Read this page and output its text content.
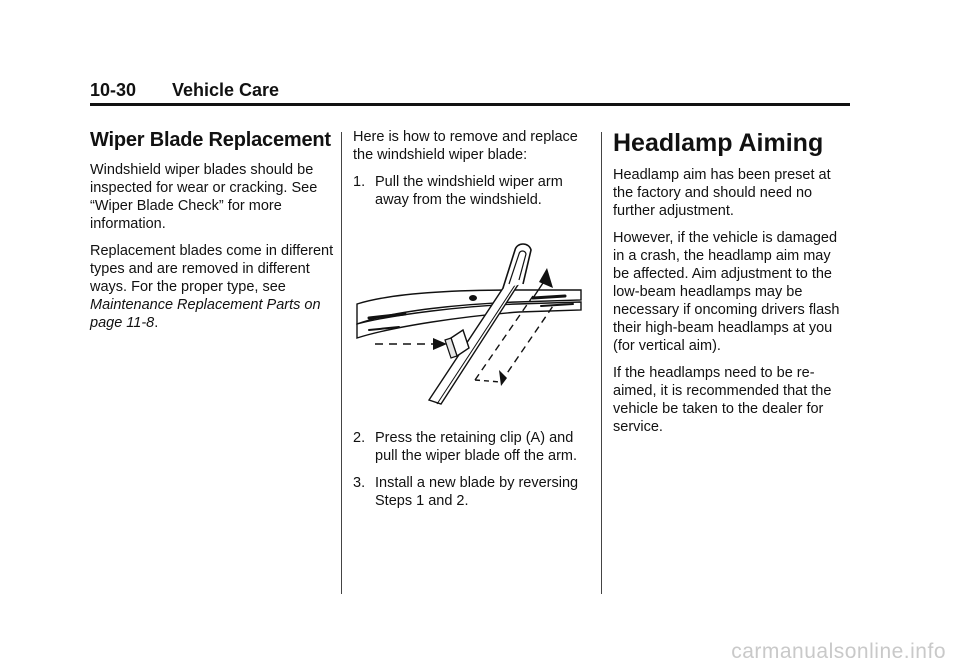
10-30 Vehicle Care
Wiper Blade Replacement

Windshield wiper blades should be inspected for wear or cracking. See “Wiper Blade Check” for more information.

Replacement blades come in different types and are removed in different ways. For the proper type, see Maintenance Replacement Parts on page 11-8.

Here is how to remove and replace the windshield wiper blade:

1. Pull the windshield wiper arm away from the windshield.
2. Press the retaining clip (A) and pull the wiper blade off the arm.
3. Install a new blade by reversing Steps 1 and 2.
Headlamp Aiming

Headlamp aim has been preset at the factory and should need no further adjustment.

However, if the vehicle is damaged in a crash, the headlamp aim may be affected. Aim adjustment to the low-beam headlamps may be necessary if oncoming drivers flash their high-beam headlamps at you (for vertical aim).

If the headlamps need to be re-aimed, it is recommended that the vehicle be taken to the dealer for service.

carmanualsonline.info
